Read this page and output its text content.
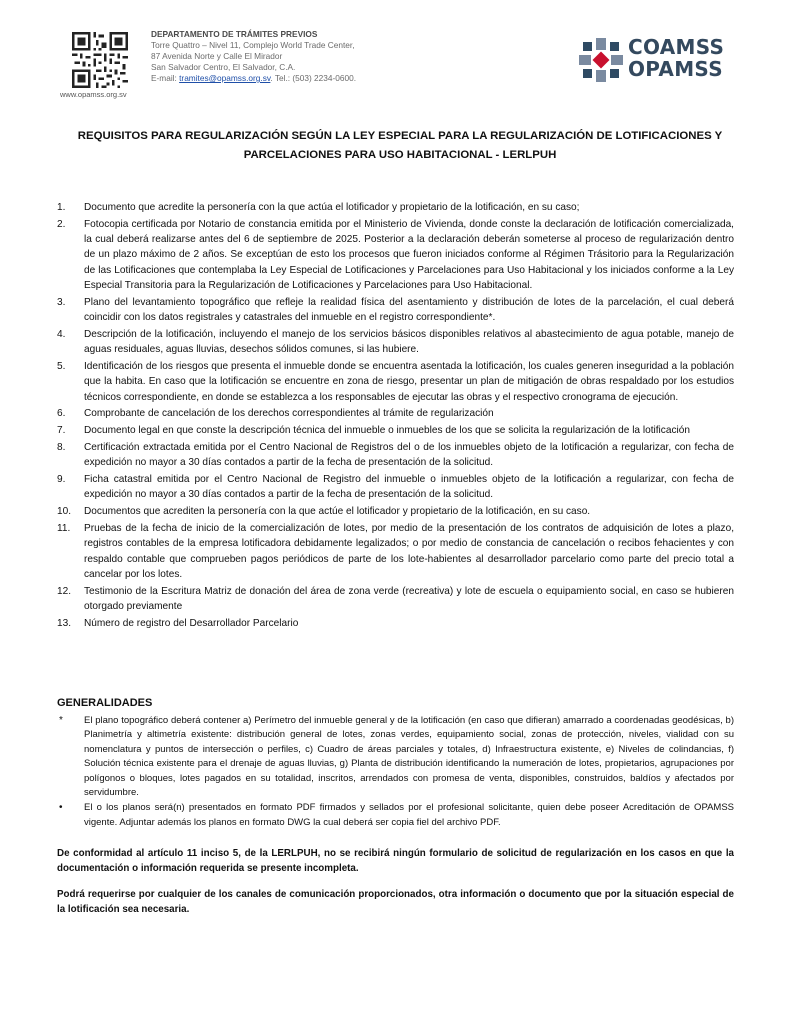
www.opamss.org.sv
DEPARTAMENTO DE TRÁMITES PREVIOS
Torre Quattro – Nivel 11, Complejo World Trade Center,
87 Avenida Norte y Calle El Mirador
San Salvador Centro, El Salvador, C.A.
E-mail: tramites@opamss.org.sv. Tel.: (503) 2234-0600.
COAMSS
OPAMSS
REQUISITOS PARA REGULARIZACIÓN SEGÚN LA LEY ESPECIAL PARA LA REGULARIZACIÓN DE LOTIFICACIONES Y PARCELACIONES PARA USO HABITACIONAL - LERLPUH
1. Documento que acredite la personería con la que actúa el lotificador y propietario de la lotificación, en su caso;
2. Fotocopia certificada por Notario de constancia emitida por el Ministerio de Vivienda, donde conste la declaración de lotificación comercializada, la cual deberá realizarse antes del 6 de septiembre de 2025. Posterior a la declaración deberán someterse al proceso de regularización dentro de un plazo máximo de 2 años. Se exceptúan de esto los procesos que fueron iniciados conforme al Régimen Trásitorio para la Regularización de las Lotificaciones que contemplaba la Ley Especial de Lotificaciones y Parcelaciones para Uso Habitacional y los iniciados conforme a la Ley Especial Transitoria para la Regularización de Lotificaciones y Parcelaciones para Uso Habitacional.
3. Plano del levantamiento topográfico que refleje la realidad física del asentamiento y distribución de lotes de la parcelación, el cual deberá coincidir con los datos registrales y catastrales del inmueble en el registro correspondiente*.
4. Descripción de la lotificación, incluyendo el manejo de los servicios básicos disponibles relativos al abastecimiento de agua potable, manejo de aguas residuales, aguas lluvias, desechos sólidos comunes, si las hubiere.
5. Identificación de los riesgos que presenta el inmueble donde se encuentra asentada la lotificación, los cuales generen inseguridad a la población que la habita. En caso que la lotificación se encuentre en zona de riesgo, presentar un plan de mitigación de obras respaldado por los estudios técnicos correspondiente, en donde se establezca a los responsables de ejecutar las obras y el respectivo cronograma de ejecución.
6. Comprobante de cancelación de los derechos correspondientes al trámite de regularización
7. Documento legal en que conste la descripción técnica del inmueble o inmuebles de los que se solicita la regularización de la lotificación
8. Certificación extractada emitida por el Centro Nacional de Registros del o de los inmuebles objeto de la lotificación a regularizar, con fecha de expedición no mayor a 30 días contados a partir de la fecha de presentación de la solicitud.
9. Ficha catastral emitida por el Centro Nacional de Registro del inmueble o inmuebles objeto de la lotificación a regularizar, con fecha de expedición no mayor a 30 días contados a partir de la fecha de presentación de la solicitud.
10. Documentos que acrediten la personería con la que actúe el lotificador y propietario de la lotificación, en su caso.
11. Pruebas de la fecha de inicio de la comercialización de lotes, por medio de la presentación de los contratos de adquisición de lotes a plazo, registros contables de la empresa lotificadora debidamente legalizados; o por medio de constancia de cancelación o recibos fehacientes y con respaldo contable que comprueben pagos periódicos de parte de los lote-habientes al desarrollador parcelario como parte del precio total a cancelar por los lotes.
12. Testimonio de la Escritura Matriz de donación del área de zona verde (recreativa) y lote de escuela o equipamiento social, en caso se hubieren otorgado previamente
13. Número de registro del Desarrollador Parcelario
GENERALIDADES
* El plano topográfico deberá contener a) Perímetro del inmueble general y de la lotificación (en caso que difieran) amarrado a coordenadas geodésicas, b) Planimetría y altimetría existente: distribución general de lotes, zonas verdes, equipamiento social, zonas de protección, niveles, vialidad con su nomenclatura y puntos de intersección o perfiles, c) Cuadro de áreas parciales y totales, d) Infraestructura existente, e) Niveles de colindancias, f) Solución técnica existente para el drenaje de aguas lluvias, g) Planta de distribución identificando la numeración de lotes, propietarios, agrupaciones por polígonos o bloques, lotes pagados en su totalidad, inscritos, arrendados con promesa de venta, disponibles, construidos, baldíos y afectados por servidumbre.
• El o los planos será(n) presentados en formato PDF firmados y sellados por el profesional solicitante, quien debe poseer Acreditación de OPAMSS vigente. Adjuntar además los planos en formato DWG la cual deberá ser copia fiel del archivo PDF.

De conformidad al artículo 11 inciso 5, de la LERLPUH, no se recibirá ningún formulario de solicitud de regularización en los casos en que la documentación o información requerida se presente incompleta.

Podrá requerirse por cualquier de los canales de comunicación proporcionados, otra información o documento que por la situación especial de la lotificación sea necesaria.
